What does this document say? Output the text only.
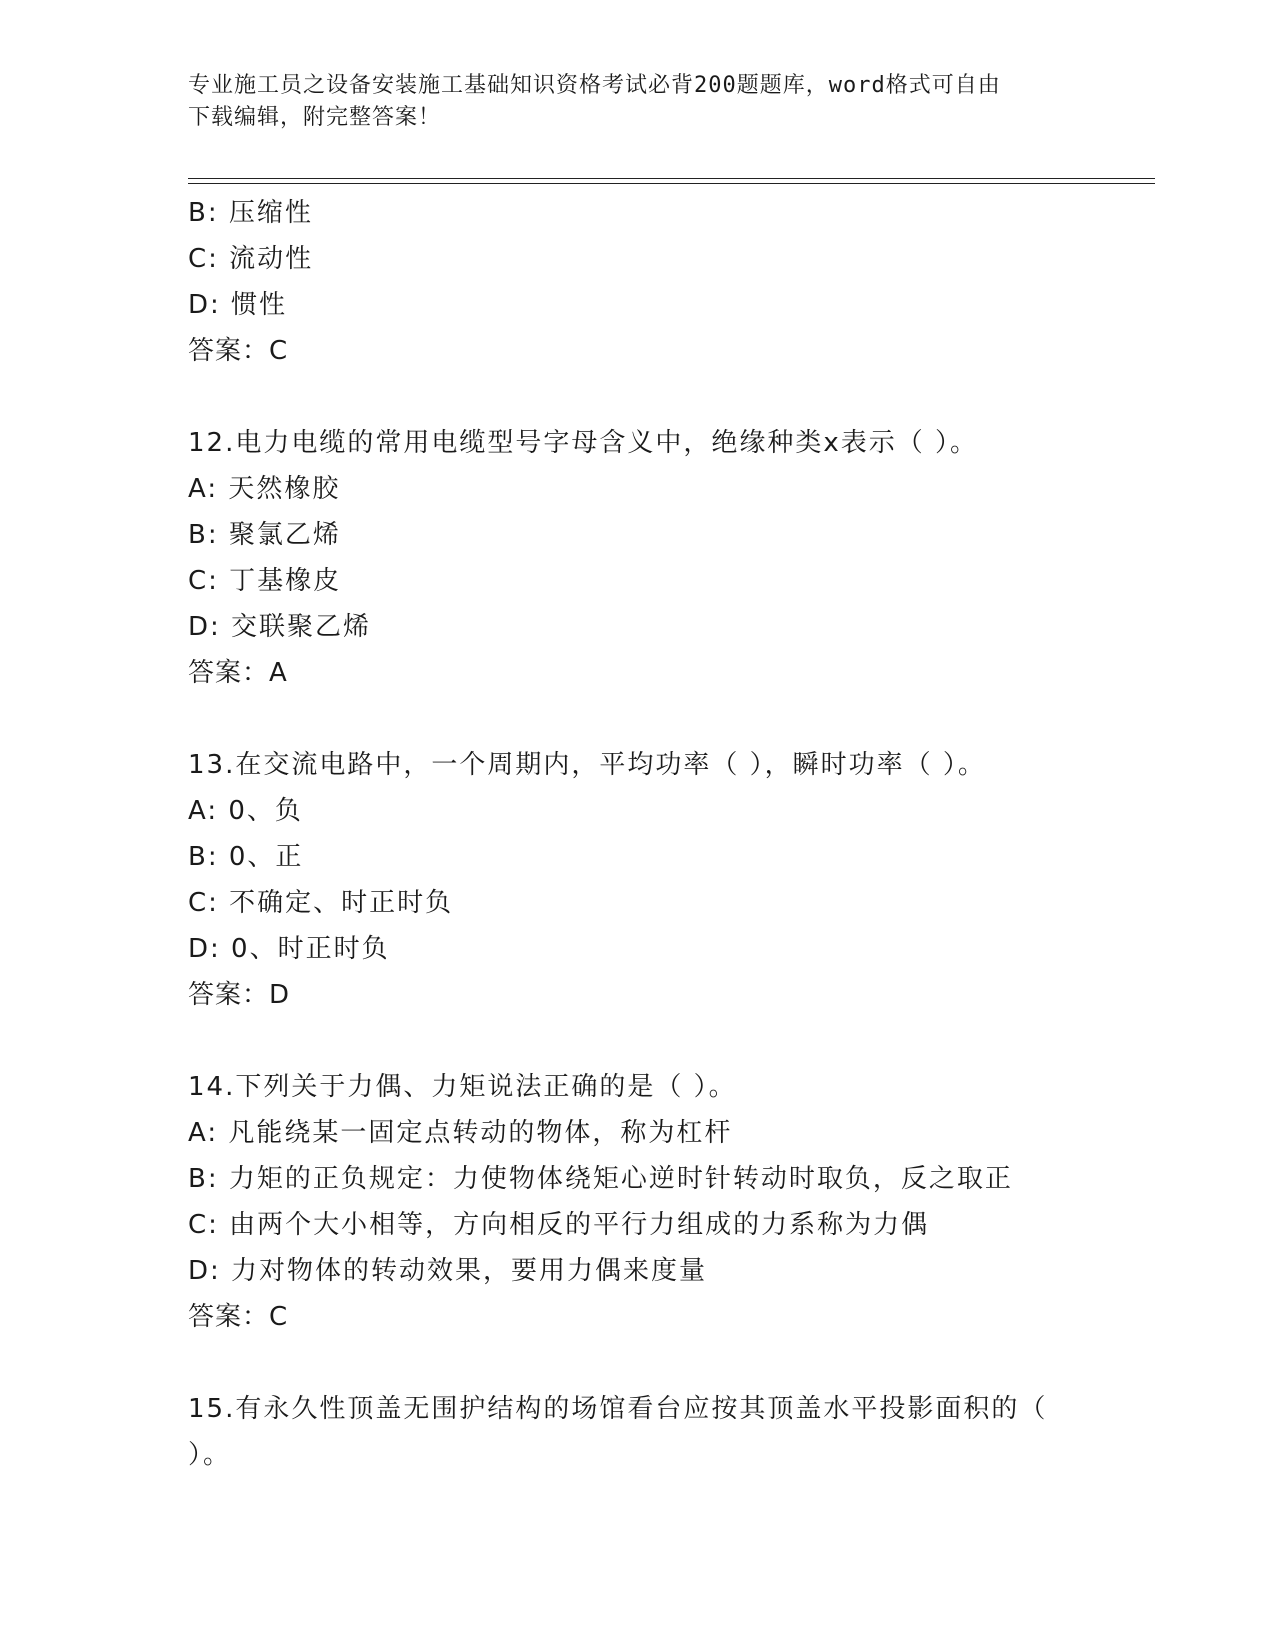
专业施工员之设备安装施工基础知识资格考试必背200题题库，word格式可自由
下载编辑，附完整答案！
B: 压缩性
C: 流动性
D: 惯性
答案：C
12.电力电缆的常用电缆型号字母含义中，绝缘种类x表示（ ）。
A: 天然橡胶
B: 聚氯乙烯
C: 丁基橡皮
D: 交联聚乙烯
答案：A
13.在交流电路中，一个周期内，平均功率（ ），瞬时功率（ ）。
A: 0、负
B: 0、正
C: 不确定、时正时负
D: 0、时正时负
答案：D
14.下列关于力偶、力矩说法正确的是（ ）。
A: 凡能绕某一固定点转动的物体，称为杠杆
B: 力矩的正负规定：力使物体绕矩心逆时针转动时取负，反之取正
C: 由两个大小相等，方向相反的平行力组成的力系称为力偶
D: 力对物体的转动效果，要用力偶来度量
答案：C
15.有永久性顶盖无围护结构的场馆看台应按其顶盖水平投影面积的（
）。
